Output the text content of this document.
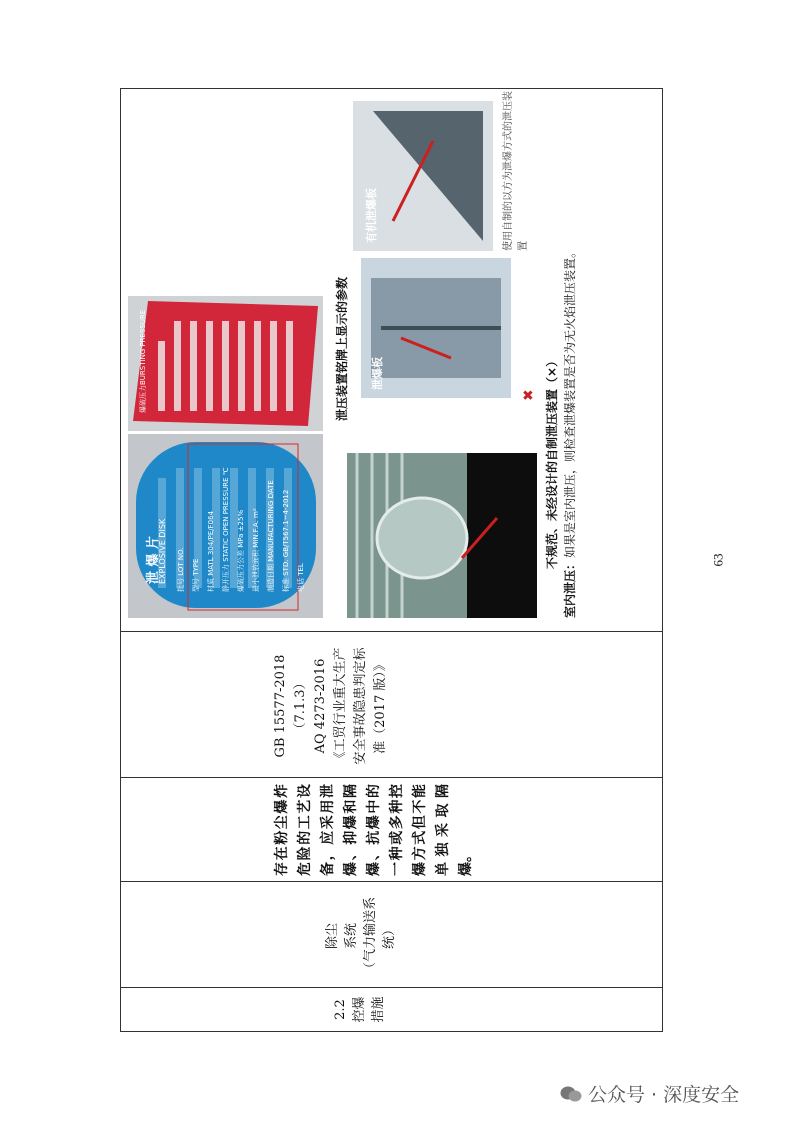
2.2
控爆
措施

除尘
系统
（气力输送系
统）

存在粉尘爆炸危险的工艺设备，应采用泄爆、抑爆和隔爆、抗爆中的一种或多种控爆方式但不能单独采取隔爆。

GB 15577-2018 （7.1.3） AQ 4273-2016 《工贸行业重大生产 安全事故隐患判定标 准（2017 版）》

泄 爆 片
EXPLOSIVE DISK	批号 LOT NO.	型号 TYPE	材质 MATL 304/PE/F064	静开压力 STATIC OPEN PRESSURE ℃	爆破压力公差 MPa ±25%	最小泄放面积 MIN.F.A. m²	制造日期 MANUFACTURING DATE	标准 STD. GB/T567.1~4-2012	电话 TEL
爆破压力BURSTING PRESSURE	泄压装置铭牌上显示的参数 泄爆板
有机泄爆板	使用自制的以方为泄爆方式的泄压装置
不规范、未经设计的自制泄压装置（×）
✖
室内泄压：如果是室内泄压，则检查泄爆装置是否为无火焰泄压装置。
63
公众号 · 深度安全
